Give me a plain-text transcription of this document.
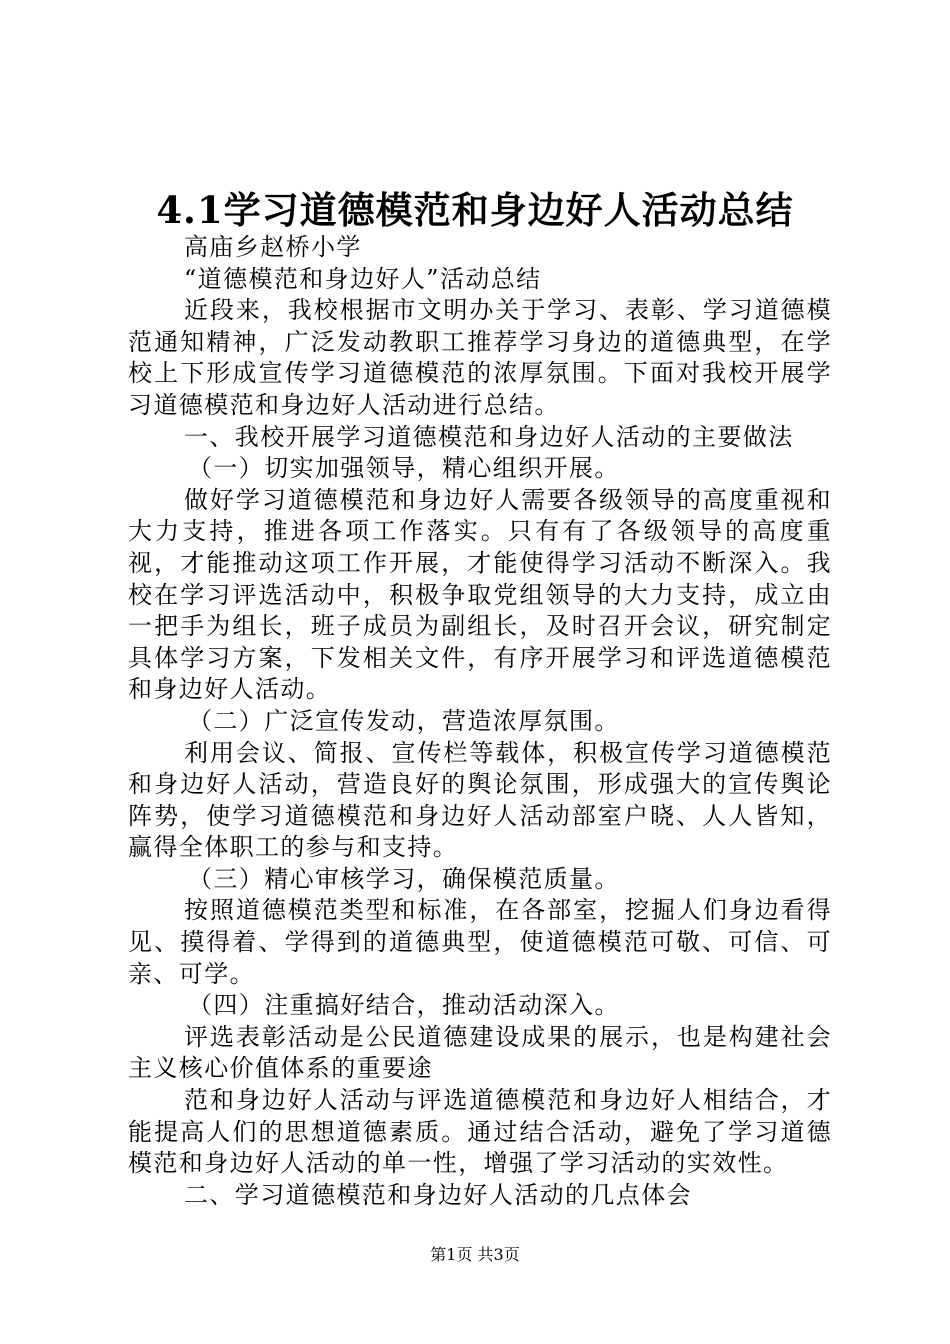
4.1学习道德模范和身边好人活动总结

高庙乡赵桥小学

“道德模范和身边好人”活动总结

近段来，我校根据市文明办关于学习、表彰、学习道德模范通知精神，广泛发动教职工推荐学习身边的道德典型，在学校上下形成宣传学习道德模范的浓厚氛围。下面对我校开展学习道德模范和身边好人活动进行总结。

一、我校开展学习道德模范和身边好人活动的主要做法

（一）切实加强领导，精心组织开展。

做好学习道德模范和身边好人需要各级领导的高度重视和大力支持，推进各项工作落实。只有有了各级领导的高度重视，才能推动这项工作开展，才能使得学习活动不断深入。我校在学习评选活动中，积极争取党组领导的大力支持，成立由一把手为组长，班子成员为副组长，及时召开会议，研究制定具体学习方案，下发相关文件，有序开展学习和评选道德模范和身边好人活动。

（二）广泛宣传发动，营造浓厚氛围。

利用会议、简报、宣传栏等载体，积极宣传学习道德模范和身边好人活动，营造良好的舆论氛围，形成强大的宣传舆论阵势，使学习道德模范和身边好人活动部室户晓、人人皆知，赢得全体职工的参与和支持。

（三）精心审核学习，确保模范质量。

按照道德模范类型和标准，在各部室，挖掘人们身边看得见、摸得着、学得到的道德典型，使道德模范可敬、可信、可亲、可学。

（四）注重搞好结合，推动活动深入。

评选表彰活动是公民道德建设成果的展示，也是构建社会主义核心价值体系的重要途

范和身边好人活动与评选道德模范和身边好人相结合，才能提高人们的思想道德素质。通过结合活动，避免了学习道德模范和身边好人活动的单一性，增强了学习活动的实效性。

二、学习道德模范和身边好人活动的几点体会

第1页 共3页
